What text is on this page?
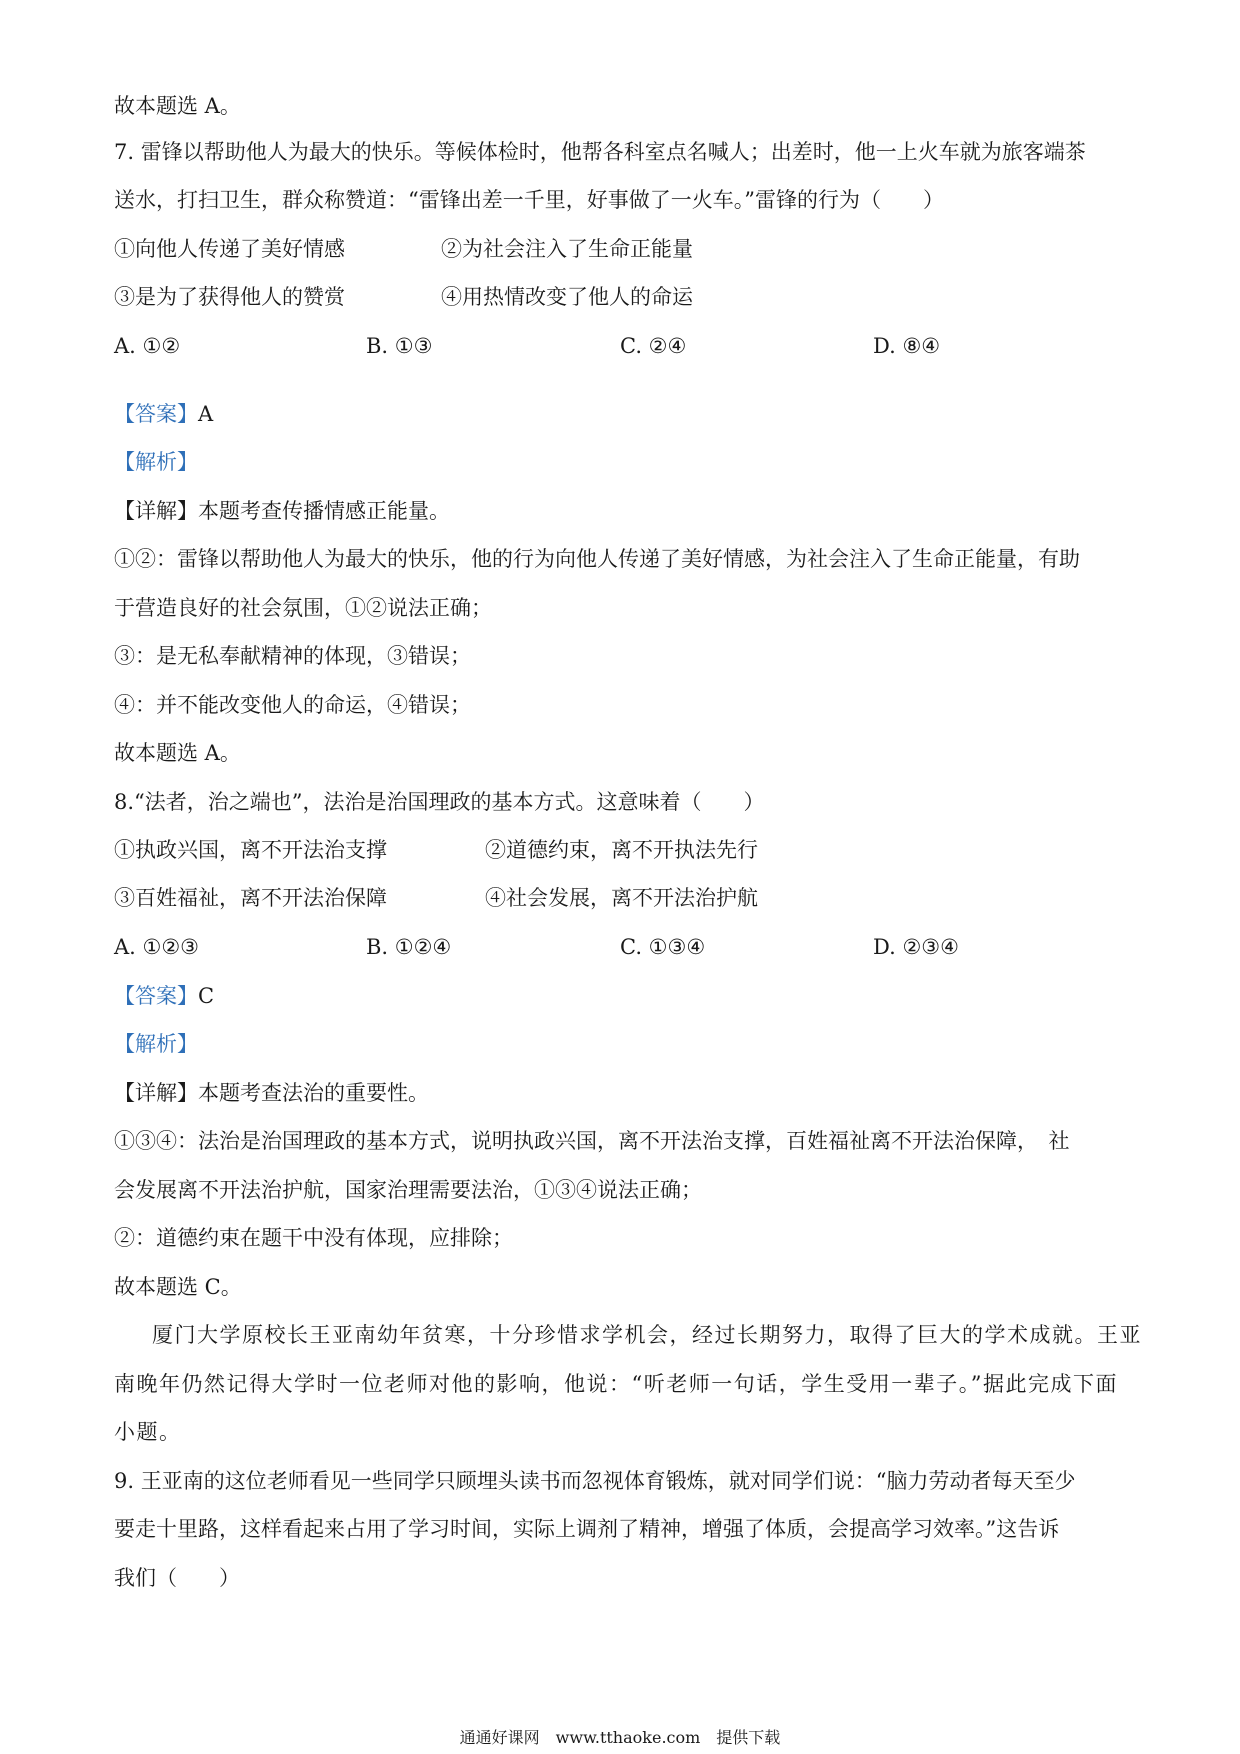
故本题选 A。
7. 雷锋以帮助他人为最大的快乐。等候体检时，他帮各科室点名喊人；出差时，他一上火车就为旅客端茶
送水，打扫卫生，群众称赞道：“雷锋出差一千里，好事做了一火车。”雷锋的行为（　　）
①向他人传递了美好情感	②为社会注入了生命正能量
③是为了获得他人的赞赏	④用热情改变了他人的命运
A. ①②	B. ①③	C. ②④	D. ⑧④
【答案】A
【解析】
【详解】本题考查传播情感正能量。
①②：雷锋以帮助他人为最大的快乐，他的行为向他人传递了美好情感，为社会注入了生命正能量，有助
于营造良好的社会氛围，①②说法正确；
③：是无私奉献精神的体现，③错误；
④：并不能改变他人的命运，④错误；
故本题选 A。
8.“法者，治之端也”，法治是治国理政的基本方式。这意味着（　　）
①执政兴国，离不开法治支撑	②道德约束，离不开执法先行
③百姓福祉，离不开法治保障	④社会发展，离不开法治护航
A. ①②③	B. ①②④	C. ①③④	D. ②③④
【答案】C
【解析】
【详解】本题考查法治的重要性。
①③④：法治是治国理政的基本方式，说明执政兴国，离不开法治支撑，百姓福祉离不开法治保障，　社
会发展离不开法治护航，国家治理需要法治，①③④说法正确；
②：道德约束在题干中没有体现，应排除；
故本题选 C。
厦门大学原校长王亚南幼年贫寒，十分珍惜求学机会，经过长期努力，取得了巨大的学术成就。王亚
南晚年仍然记得大学时一位老师对他的影响，他说：“听老师一句话，学生受用一辈子。”据此完成下面
小题。
9. 王亚南的这位老师看见一些同学只顾埋头读书而忽视体育锻炼，就对同学们说：“脑力劳动者每天至少
要走十里路，这样看起来占用了学习时间，实际上调剂了精神，增强了体质，会提高学习效率。”这告诉
我们（　　）
通通好课网　www.tthaoke.com　提供下载
